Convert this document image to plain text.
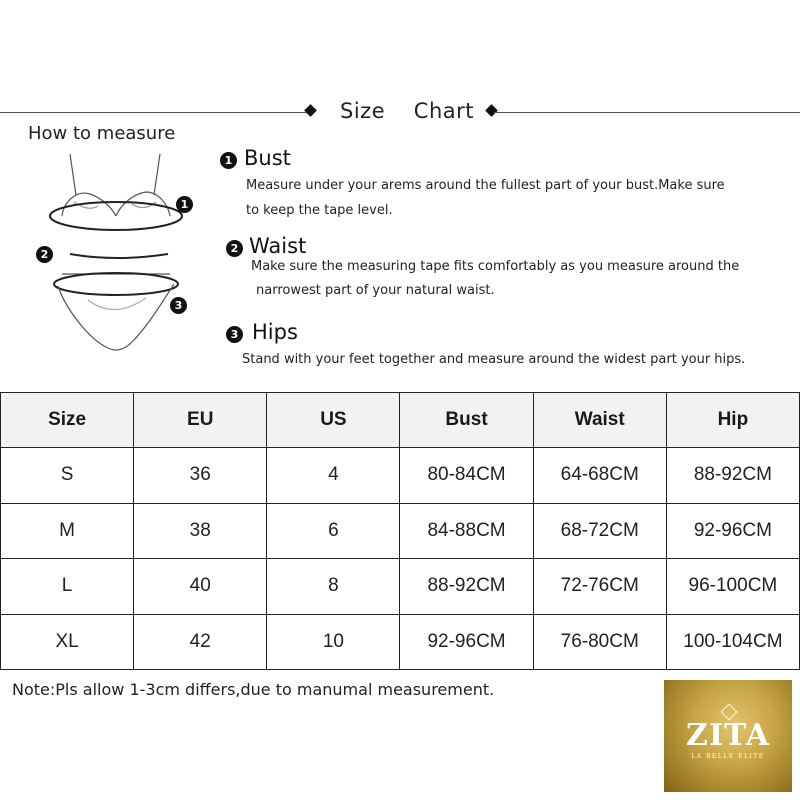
Size    Chart
How to measure
1
2
3
1 Bust
Measure under your arems around the fullest part of your bust.Make sure
to keep the tape level.
2 Waist
Make sure the measuring tape fits comfortably as you measure around the
narrowest part of your natural waist.
3 Hips
Stand with your feet together and measure around the widest part your hips.
Size	EU	US	Bust	Waist	Hip
S	36	4	80-84CM	64-68CM	88-92CM
M	38	6	84-88CM	68-72CM	92-96CM
L	40	8	88-92CM	72-76CM	96-100CM
XL	42	10	92-96CM	76-80CM	100-104CM
Note:Pls allow 1-3cm differs,due to manumal measurement.
ZITA
LA BELLE ELITE
